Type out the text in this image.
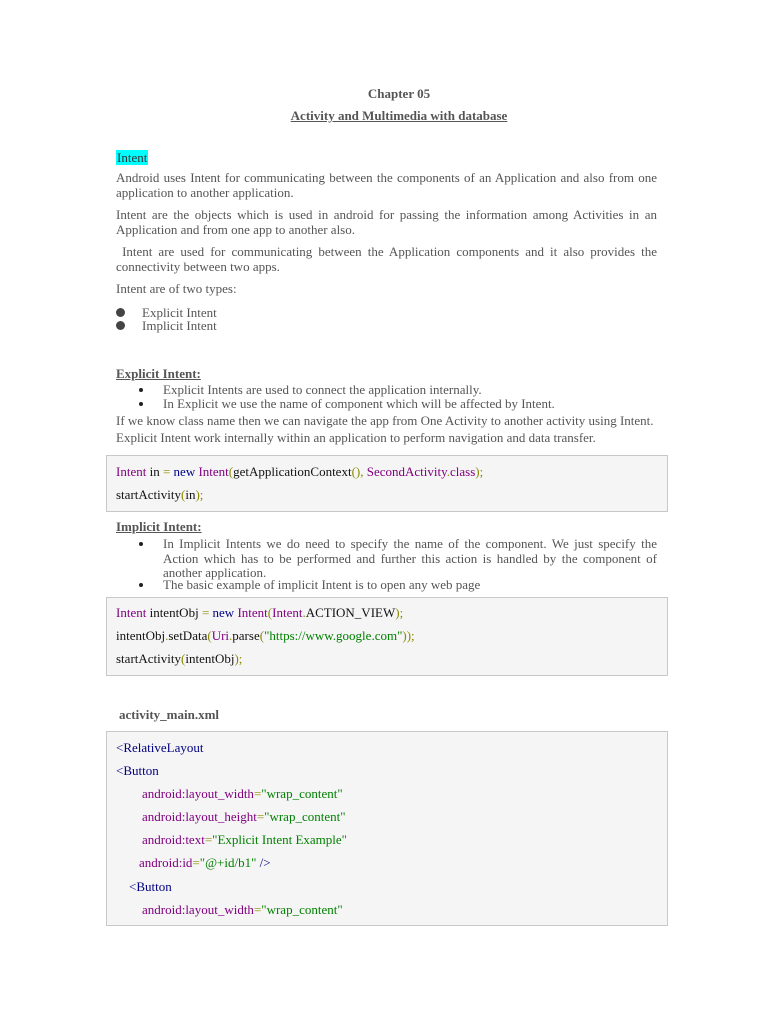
Chapter 05
Activity and Multimedia with database
Intent
Android uses Intent for communicating between the components of an Application and also from one application to another application.
Intent are the objects which is used in android for passing the information among Activities in an Application and from one app to another also.
Intent are used for communicating between the Application components and it also provides the connectivity between two apps.
Intent are of two types:
Explicit Intent
Implicit Intent
Explicit Intent:
Explicit Intents are used to connect the application internally.
In Explicit we use the name of component which will be affected by Intent.
If we know class name then we can navigate the app from One Activity to another activity using Intent.
Explicit Intent work internally within an application to perform navigation and data transfer.
Intent in = new Intent(getApplicationContext(), SecondActivity.class);
startActivity(in);
Implicit Intent:
In Implicit Intents we do need to specify the name of the component. We just specify the Action which has to be performed and further this action is handled by the component of another application.
The basic example of implicit Intent is to open any web page
Intent intentObj = new Intent(Intent.ACTION_VIEW);
intentObj.setData(Uri.parse("https://www.google.com"));
startActivity(intentObj);
activity_main.xml
<RelativeLayout
<Button
android:layout_width="wrap_content"
android:layout_height="wrap_content"
android:text="Explicit Intent Example"
android:id="@+id/b1" />
<Button
android:layout_width="wrap_content"
